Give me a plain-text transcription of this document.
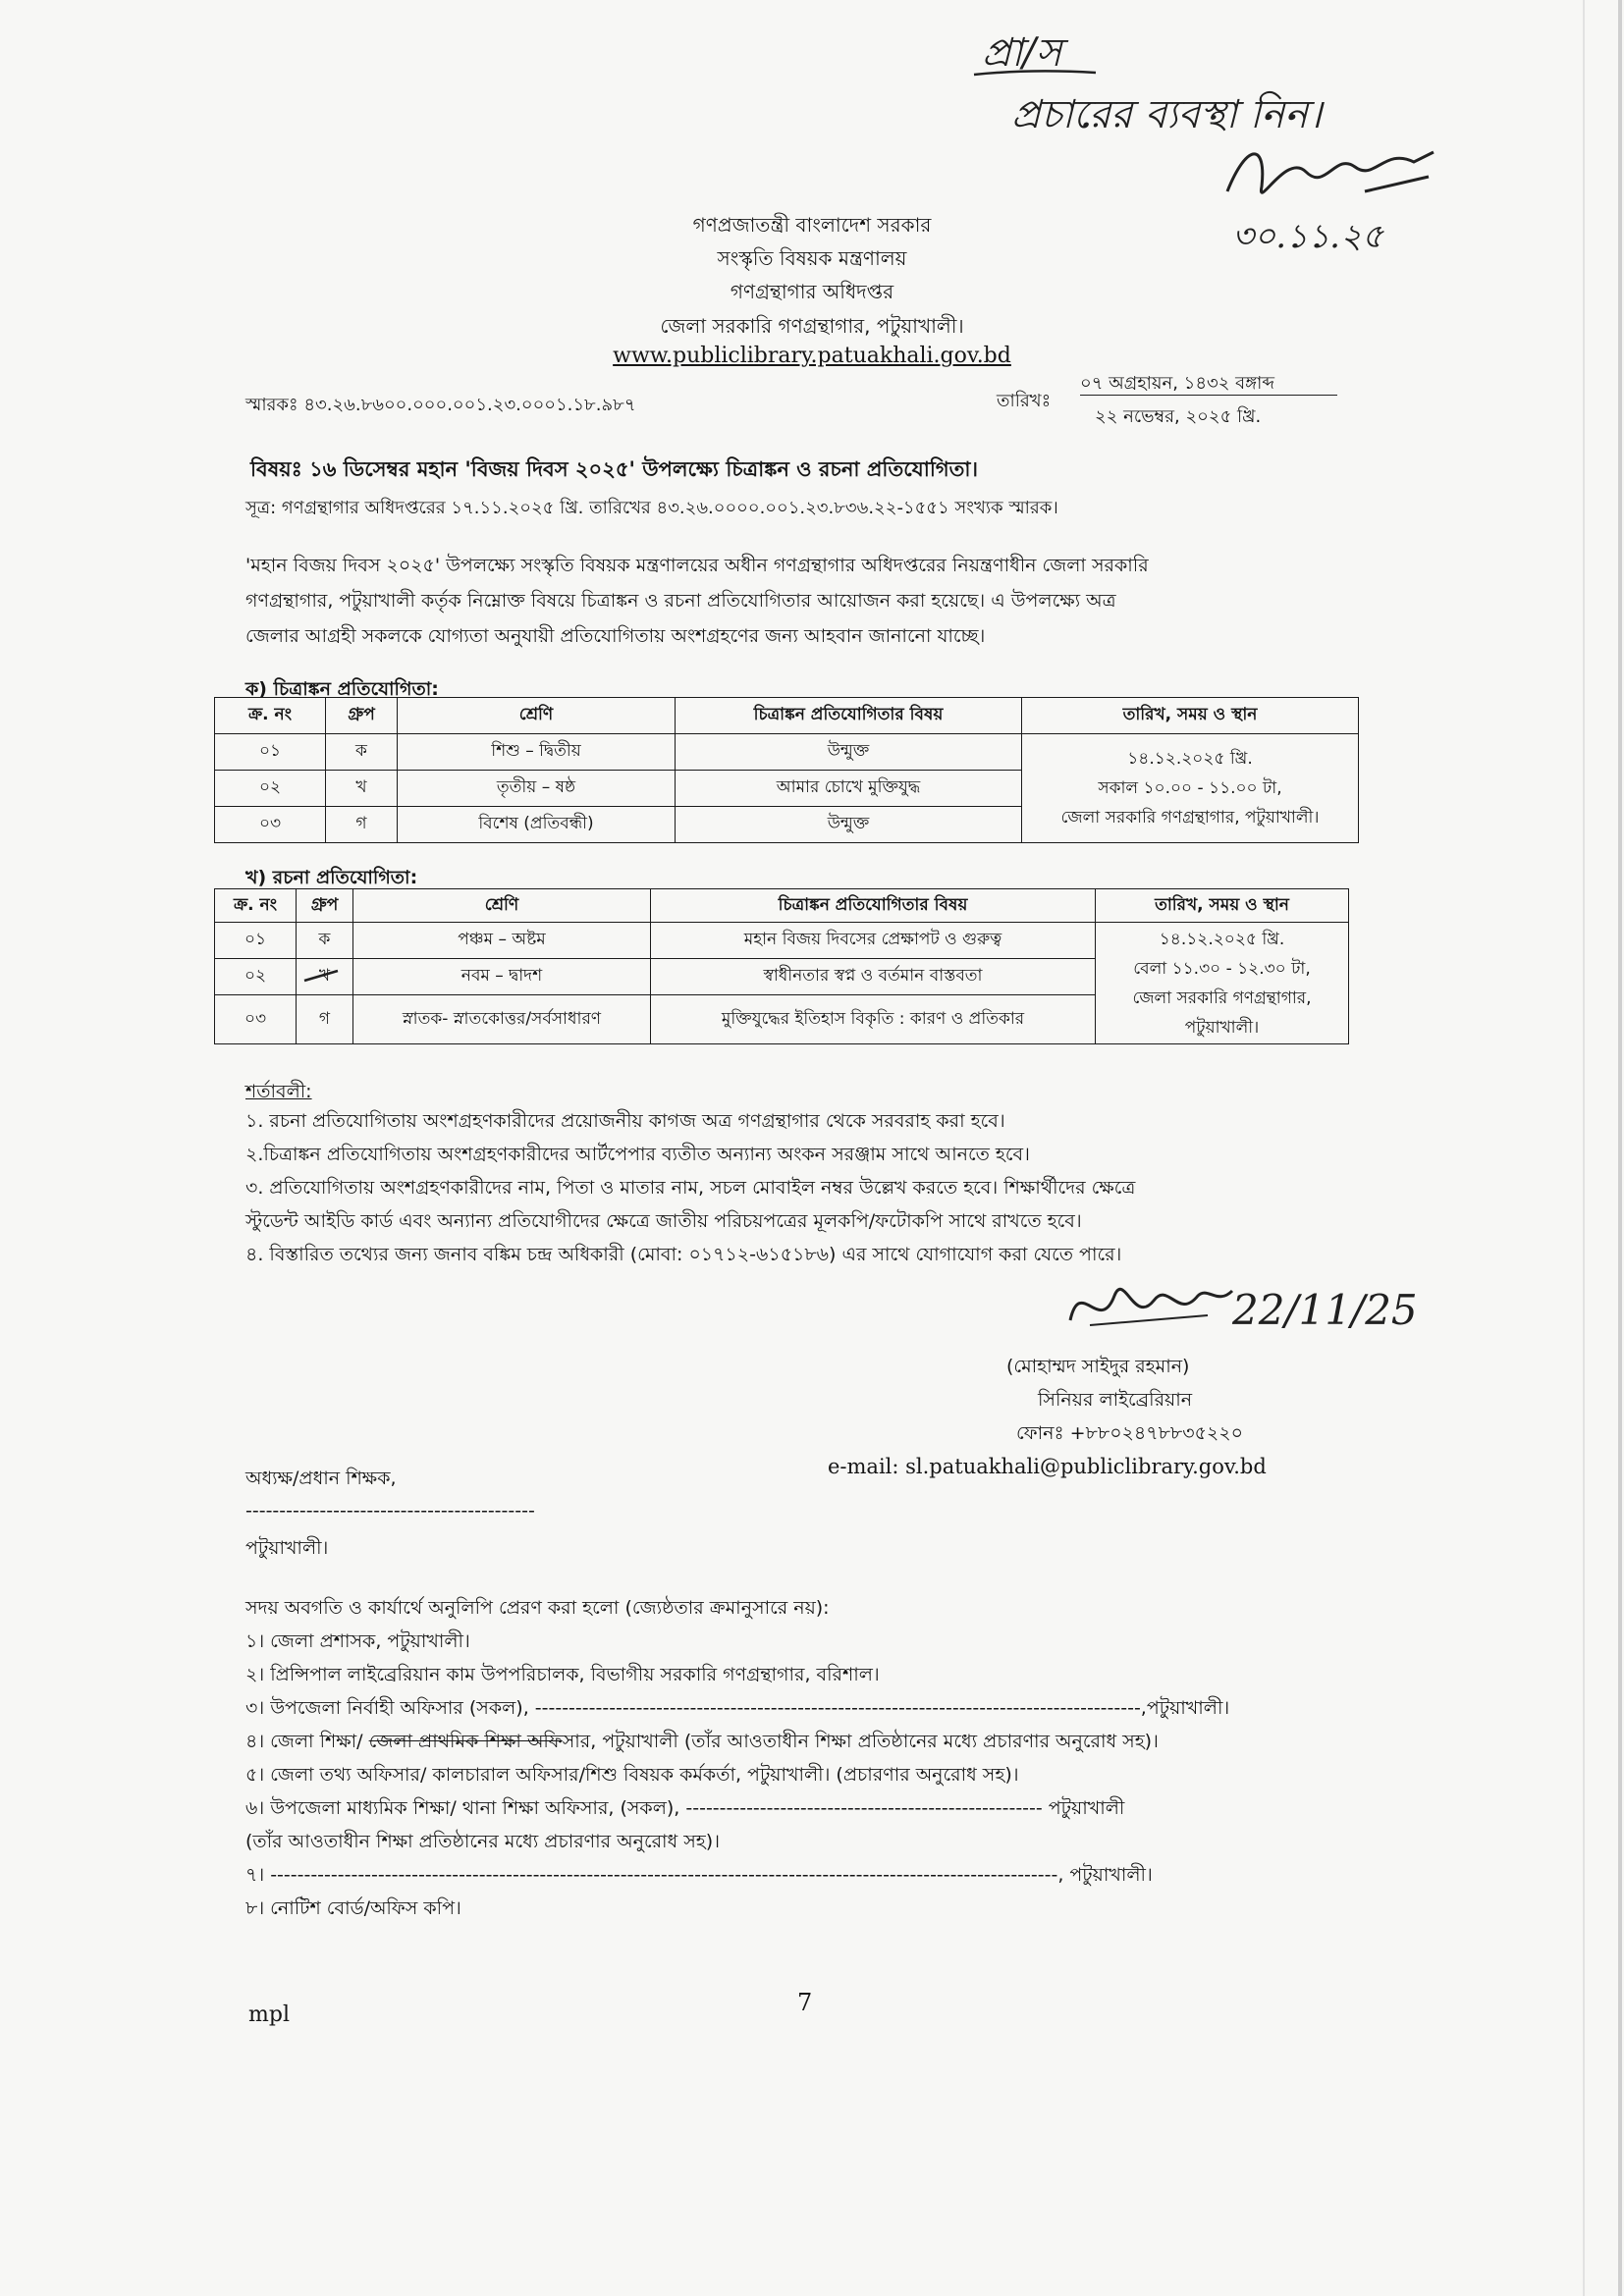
প্রা/স
প্রচারের ব্যবস্থা নিন।
৩০.১১.২৫
গণপ্রজাতন্ত্রী বাংলাদেশ সরকার
সংস্কৃতি বিষয়ক মন্ত্রণালয়
গণগ্রন্থাগার অধিদপ্তর
জেলা সরকারি গণগ্রন্থাগার, পটুয়াখালী।
www.publiclibrary.patuakhali.gov.bd
স্মারকঃ ৪৩.২৬.৮৬০০.০০০.০০১.২৩.০০০১.১৮.৯৮৭	তারিখঃ
০৭ অগ্রহায়ন, ১৪৩২ বঙ্গাব্দ
২২ নভেম্বর, ২০২৫ খ্রি.
বিষয়ঃ ১৬ ডিসেম্বর মহান 'বিজয় দিবস ২০২৫' উপলক্ষ্যে চিত্রাঙ্কন ও রচনা প্রতিযোগিতা।
সূত্র: গণগ্রন্থাগার অধিদপ্তরের ১৭.১১.২০২৫ খ্রি. তারিখের ৪৩.২৬.০০০০.০০১.২৩.৮৩৬.২২-১৫৫১ সংখ্যক স্মারক।
'মহান বিজয় দিবস ২০২৫' উপলক্ষ্যে সংস্কৃতি বিষয়ক মন্ত্রণালয়ের অধীন গণগ্রন্থাগার অধিদপ্তরের নিয়ন্ত্রণাধীন জেলা সরকারি
গণগ্রন্থাগার, পটুয়াখালী কর্তৃক নিম্নোক্ত বিষয়ে চিত্রাঙ্কন ও রচনা প্রতিযোগিতার আয়োজন করা হয়েছে। এ উপলক্ষ্যে অত্র
জেলার আগ্রহী সকলকে যোগ্যতা অনুযায়ী প্রতিযোগিতায় অংশগ্রহণের জন্য আহবান জানানো যাচ্ছে।
ক) চিত্রাঙ্কন প্রতিযোগিতা:
ক্র. নং	গ্রুপ	শ্রেণি	চিত্রাঙ্কন প্রতিযোগিতার বিষয়	তারিখ, সময় ও স্থান
০১	ক	শিশু – দ্বিতীয়	উন্মুক্ত	১৪.১২.২০২৫ খ্রি.
সকাল ১০.০০ - ১১.০০ টা,
জেলা সরকারি গণগ্রন্থাগার, পটুয়াখালী।

০২	খ	তৃতীয় – ষষ্ঠ	আমার চোখে মুক্তিযুদ্ধ	
০৩	গ	বিশেষ (প্রতিবন্ধী)	উন্মুক্ত	
খ) রচনা প্রতিযোগিতা:
ক্র. নং	গ্রুপ	শ্রেণি	চিত্রাঙ্কন প্রতিযোগিতার বিষয়	তারিখ, সময় ও স্থান
০১	ক	পঞ্চম – অষ্টম	মহান বিজয় দিবসের প্রেক্ষাপট ও গুরুত্ব	১৪.১২.২০২৫ খ্রি.
বেলা ১১.৩০ - ১২.৩০ টা,
জেলা সরকারি গণগ্রন্থাগার,
পটুয়াখালী।

০২	খ	নবম – দ্বাদশ	স্বাধীনতার স্বপ্ন ও বর্তমান বাস্তবতা	
০৩	গ	স্নাতক- স্নাতকোত্তর/সর্বসাধারণ	মুক্তিযুদ্ধের ইতিহাস বিকৃতি : কারণ ও প্রতিকার	
শর্তাবলী:
১. রচনা প্রতিযোগিতায় অংশগ্রহণকারীদের প্রয়োজনীয় কাগজ অত্র গণগ্রন্থাগার থেকে সরবরাহ করা হবে।
২.চিত্রাঙ্কন প্রতিযোগিতায় অংশগ্রহণকারীদের আর্টপেপার ব্যতীত অন্যান্য অংকন সরঞ্জাম সাথে আনতে হবে।
৩. প্রতিযোগিতায় অংশগ্রহণকারীদের নাম, পিতা ও মাতার নাম, সচল মোবাইল নম্বর উল্লেখ করতে হবে। শিক্ষার্থীদের ক্ষেত্রে
স্টুডেন্ট আইডি কার্ড এবং অন্যান্য প্রতিযোগীদের ক্ষেত্রে জাতীয় পরিচয়পত্রের মূলকপি/ফটোকপি সাথে রাখতে হবে।
৪. বিস্তারিত তথ্যের জন্য জনাব বঙ্কিম চন্দ্র অধিকারী (মোবা: ০১৭১২-৬১৫১৮৬) এর সাথে যোগাযোগ করা যেতে পারে।
22/11/25
(মোহাম্মদ সাইদুর রহমান)
সিনিয়র লাইব্রেরিয়ান
ফোনঃ +৮৮০২৪৭৮৮৩৫২২০
e-mail: sl.patuakhali@publiclibrary.gov.bd
অধ্যক্ষ/প্রধান শিক্ষক,
-------------------------------------------
পটুয়াখালী।
সদয় অবগতি ও কার্যার্থে অনুলিপি প্রেরণ করা হলো (জ্যেষ্ঠতার ক্রমানুসারে নয়):
১। জেলা প্রশাসক, পটুয়াখালী।
২। প্রিন্সিপাল লাইব্রেরিয়ান কাম উপপরিচালক, বিভাগীয় সরকারি গণগ্রন্থাগার, বরিশাল।
৩। উপজেলা নির্বাহী অফিসার (সকল), ------------------------------------------------------------------------------------------,পটুয়াখালী।
৪। জেলা শিক্ষা/ জেলা প্রাথমিক শিক্ষা অফিসার, পটুয়াখালী (তাঁর আওতাধীন শিক্ষা প্রতিষ্ঠানের মধ্যে প্রচারণার অনুরোধ সহ)।
৫। জেলা তথ্য অফিসার/ কালচারাল অফিসার/শিশু বিষয়ক কর্মকর্তা, পটুয়াখালী। (প্রচারণার অনুরোধ সহ)।
৬। উপজেলা মাধ্যমিক শিক্ষা/ থানা শিক্ষা অফিসার, (সকল), ----------------------------------------------------- পটুয়াখালী
(তাঁর আওতাধীন শিক্ষা প্রতিষ্ঠানের মধ্যে প্রচারণার অনুরোধ সহ)।
৭। ---------------------------------------------------------------------------------------------------------------------, পটুয়াখালী।
৮। নোটিশ বোর্ড/অফিস কপি।
mpl	7
